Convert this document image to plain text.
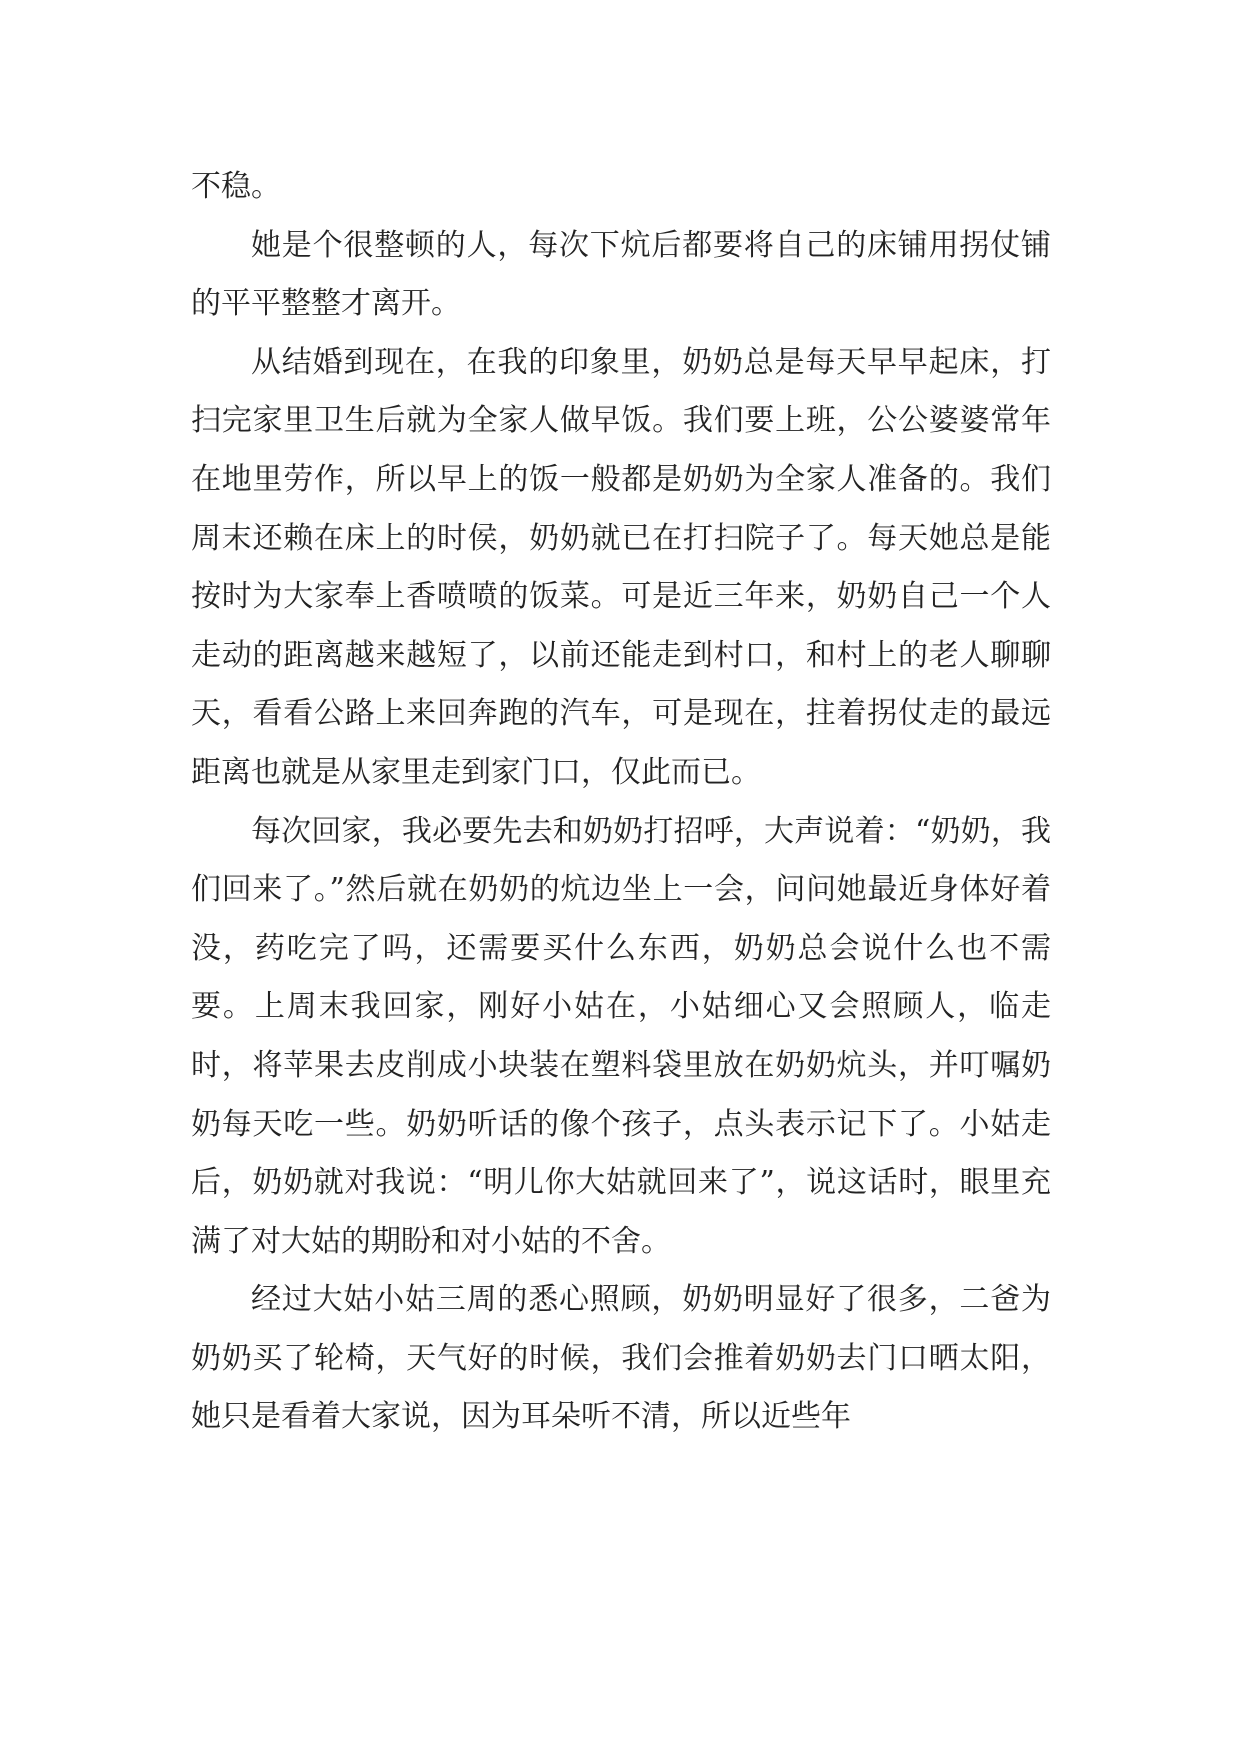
不稳。

她是个很整顿的人，每次下炕后都要将自己的床铺用拐仗铺的平平整整才离开。

从结婚到现在，在我的印象里，奶奶总是每天早早起床，打扫完家里卫生后就为全家人做早饭。我们要上班，公公婆婆常年在地里劳作，所以早上的饭一般都是奶奶为全家人准备的。我们周末还赖在床上的时侯，奶奶就已在打扫院子了。每天她总是能按时为大家奉上香喷喷的饭菜。可是近三年来，奶奶自己一个人走动的距离越来越短了，以前还能走到村口，和村上的老人聊聊天，看看公路上来回奔跑的汽车，可是现在，拄着拐仗走的最远距离也就是从家里走到家门口，仅此而已。

每次回家，我必要先去和奶奶打招呼，大声说着：“奶奶，我们回来了。”然后就在奶奶的炕边坐上一会，问问她最近身体好着没，药吃完了吗，还需要买什么东西，奶奶总会说什么也不需要。上周末我回家，刚好小姑在，小姑细心又会照顾人，临走时，将苹果去皮削成小块装在塑料袋里放在奶奶炕头，并叮嘱奶奶每天吃一些。奶奶听话的像个孩子，点头表示记下了。小姑走后，奶奶就对我说：“明儿你大姑就回来了”，说这话时，眼里充满了对大姑的期盼和对小姑的不舍。

经过大姑小姑三周的悉心照顾，奶奶明显好了很多，二爸为奶奶买了轮椅，天气好的时候，我们会推着奶奶去门口晒太阳，她只是看着大家说，因为耳朵听不清，所以近些年
